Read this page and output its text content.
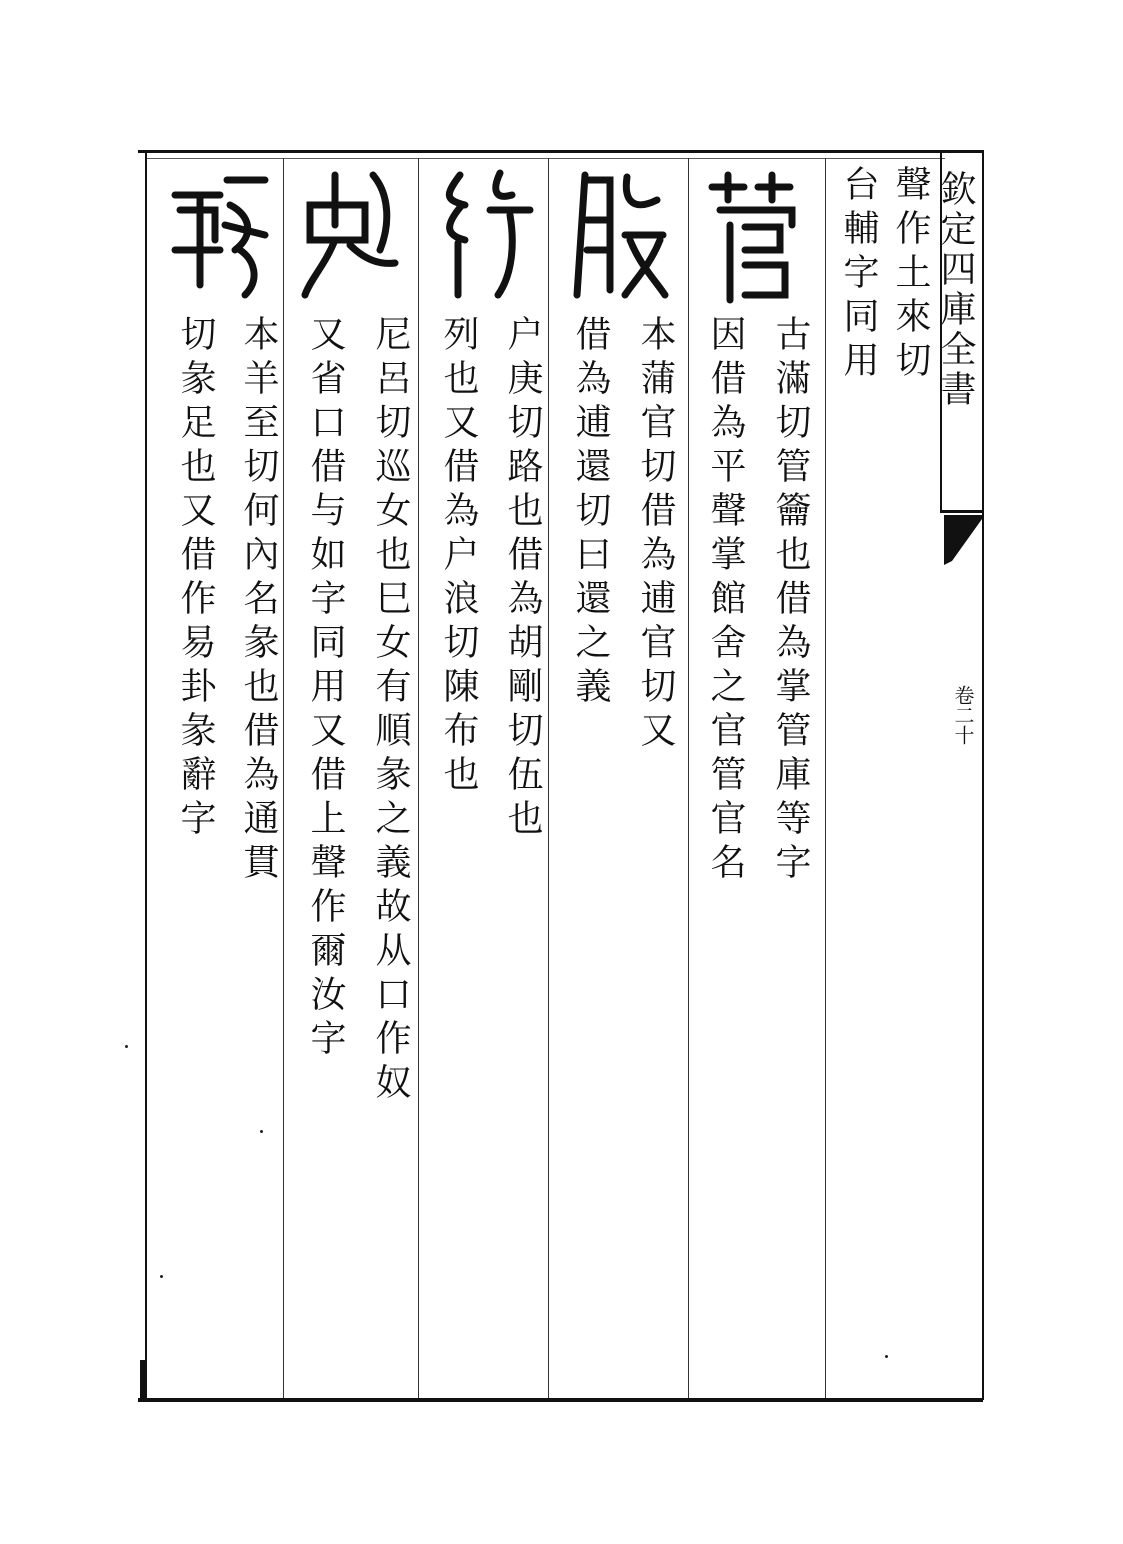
欽定四庫全書
卷二十
聲作土來切
台輔字同用
古滿切管籥也借為掌管庫等字
因借為平聲掌館舍之官管官名
本蒲官切借為逋官切又
借為逋還切曰還之義
户庚切路也借為胡剛切伍也
列也又借為户浪切陳布也
尼呂切巡女也巳女有順彖之義故从口作奴
又省口借与如字同用又借上聲作爾汝字
本羊至切何內名彖也借為通貫
切彖足也又借作易卦彖辭字
